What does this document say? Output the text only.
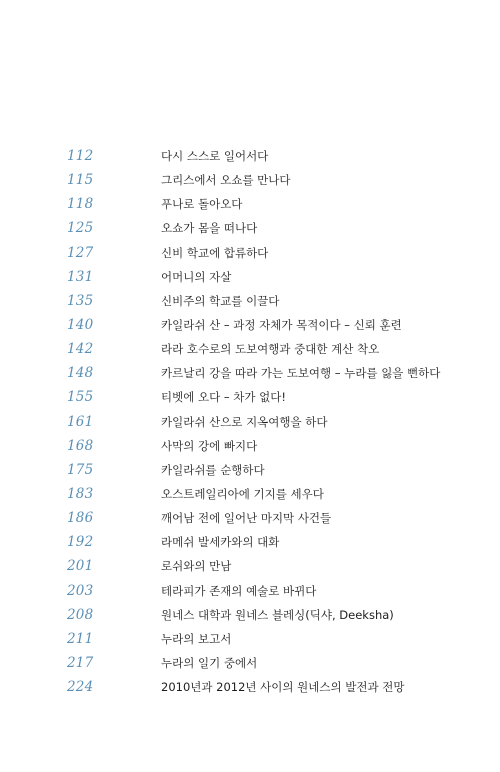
112	다시 스스로 일어서다
115	그리스에서 오쇼를 만나다
118	푸나로 돌아오다
125	오쇼가 몸을 떠나다
127	신비 학교에 합류하다
131	어머니의 자살
135	신비주의 학교를 이끌다
140	카일라쉬 산 – 과정 자체가 목적이다 – 신뢰 훈련
142	라라 호수로의 도보여행과 중대한 계산 착오
148	카르날리 강을 따라 가는 도보여행 – 누라를 잃을 뻔하다
155	티벳에 오다 – 차가 없다!
161	카일라쉬 산으로 지옥여행을 하다
168	사막의 강에 빠지다
175	카일라쉬를 순행하다
183	오스트레일리아에 기지를 세우다
186	깨어남 전에 일어난 마지막 사건들
192	라메쉬 발세카와의 대화
201	로쉬와의 만남
203	테라피가 존재의 예술로 바뀌다
208	원네스 대학과 원네스 블레싱(딕샤, Deeksha)
211	누라의 보고서
217	누라의 일기 중에서
224	2010년과 2012년 사이의 원네스의 발전과 전망
